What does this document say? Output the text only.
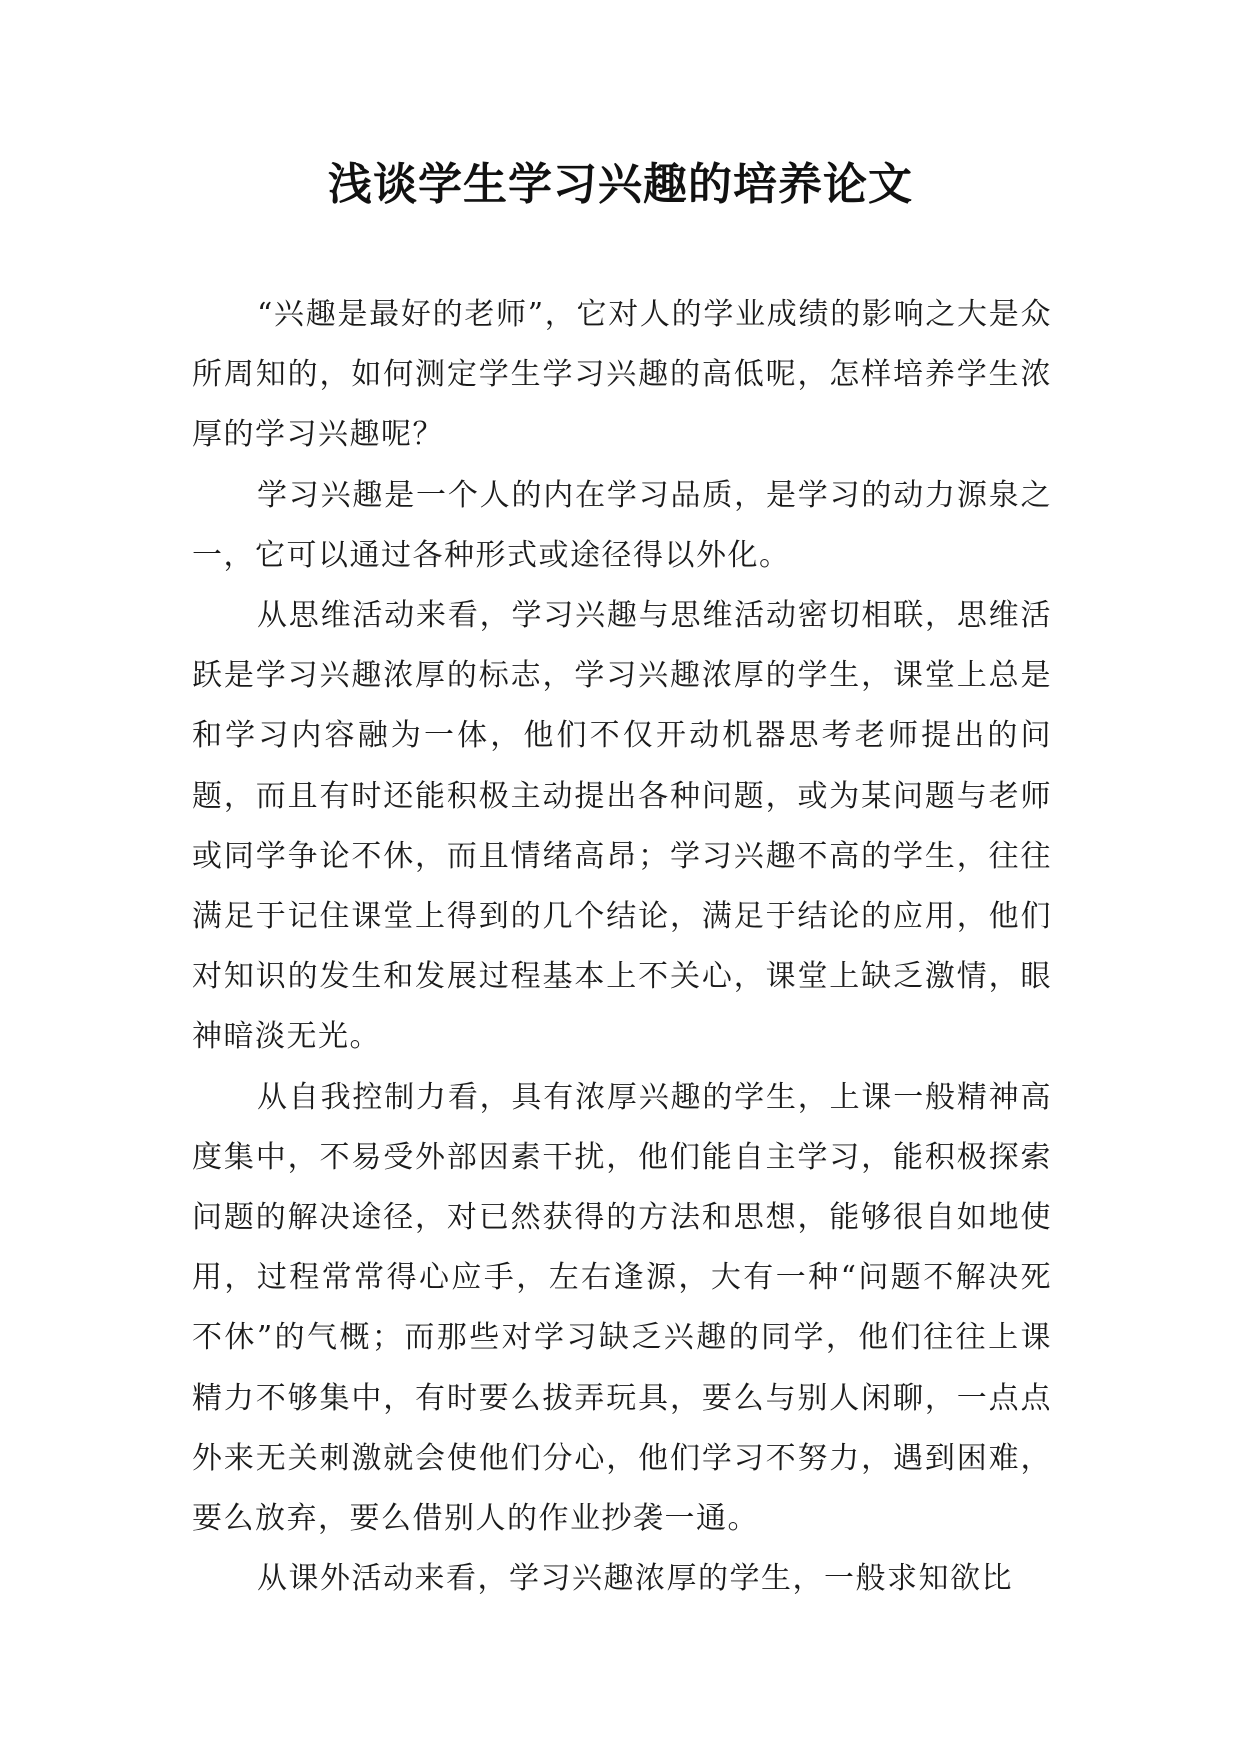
浅谈学生学习兴趣的培养论文

“兴趣是最好的老师”，它对人的学业成绩的影响之大是众所周知的，如何测定学生学习兴趣的高低呢，怎样培养学生浓厚的学习兴趣呢？

学习兴趣是一个人的内在学习品质，是学习的动力源泉之一，它可以通过各种形式或途径得以外化。

从思维活动来看，学习兴趣与思维活动密切相联，思维活跃是学习兴趣浓厚的标志，学习兴趣浓厚的学生，课堂上总是和学习内容融为一体，他们不仅开动机器思考老师提出的问题，而且有时还能积极主动提出各种问题，或为某问题与老师或同学争论不休，而且情绪高昂；学习兴趣不高的学生，往往满足于记住课堂上得到的几个结论，满足于结论的应用，他们对知识的发生和发展过程基本上不关心，课堂上缺乏激情，眼神暗淡无光。

从自我控制力看，具有浓厚兴趣的学生，上课一般精神高度集中，不易受外部因素干扰，他们能自主学习，能积极探索问题的解决途径，对已然获得的方法和思想，能够很自如地使用，过程常常得心应手，左右逢源，大有一种“问题不解决死不休”的气概；而那些对学习缺乏兴趣的同学，他们往往上课精力不够集中，有时要么拔弄玩具，要么与别人闲聊，一点点外来无关刺激就会使他们分心，他们学习不努力，遇到困难，要么放弃，要么借别人的作业抄袭一通。

从课外活动来看，学习兴趣浓厚的学生，一般求知欲比
